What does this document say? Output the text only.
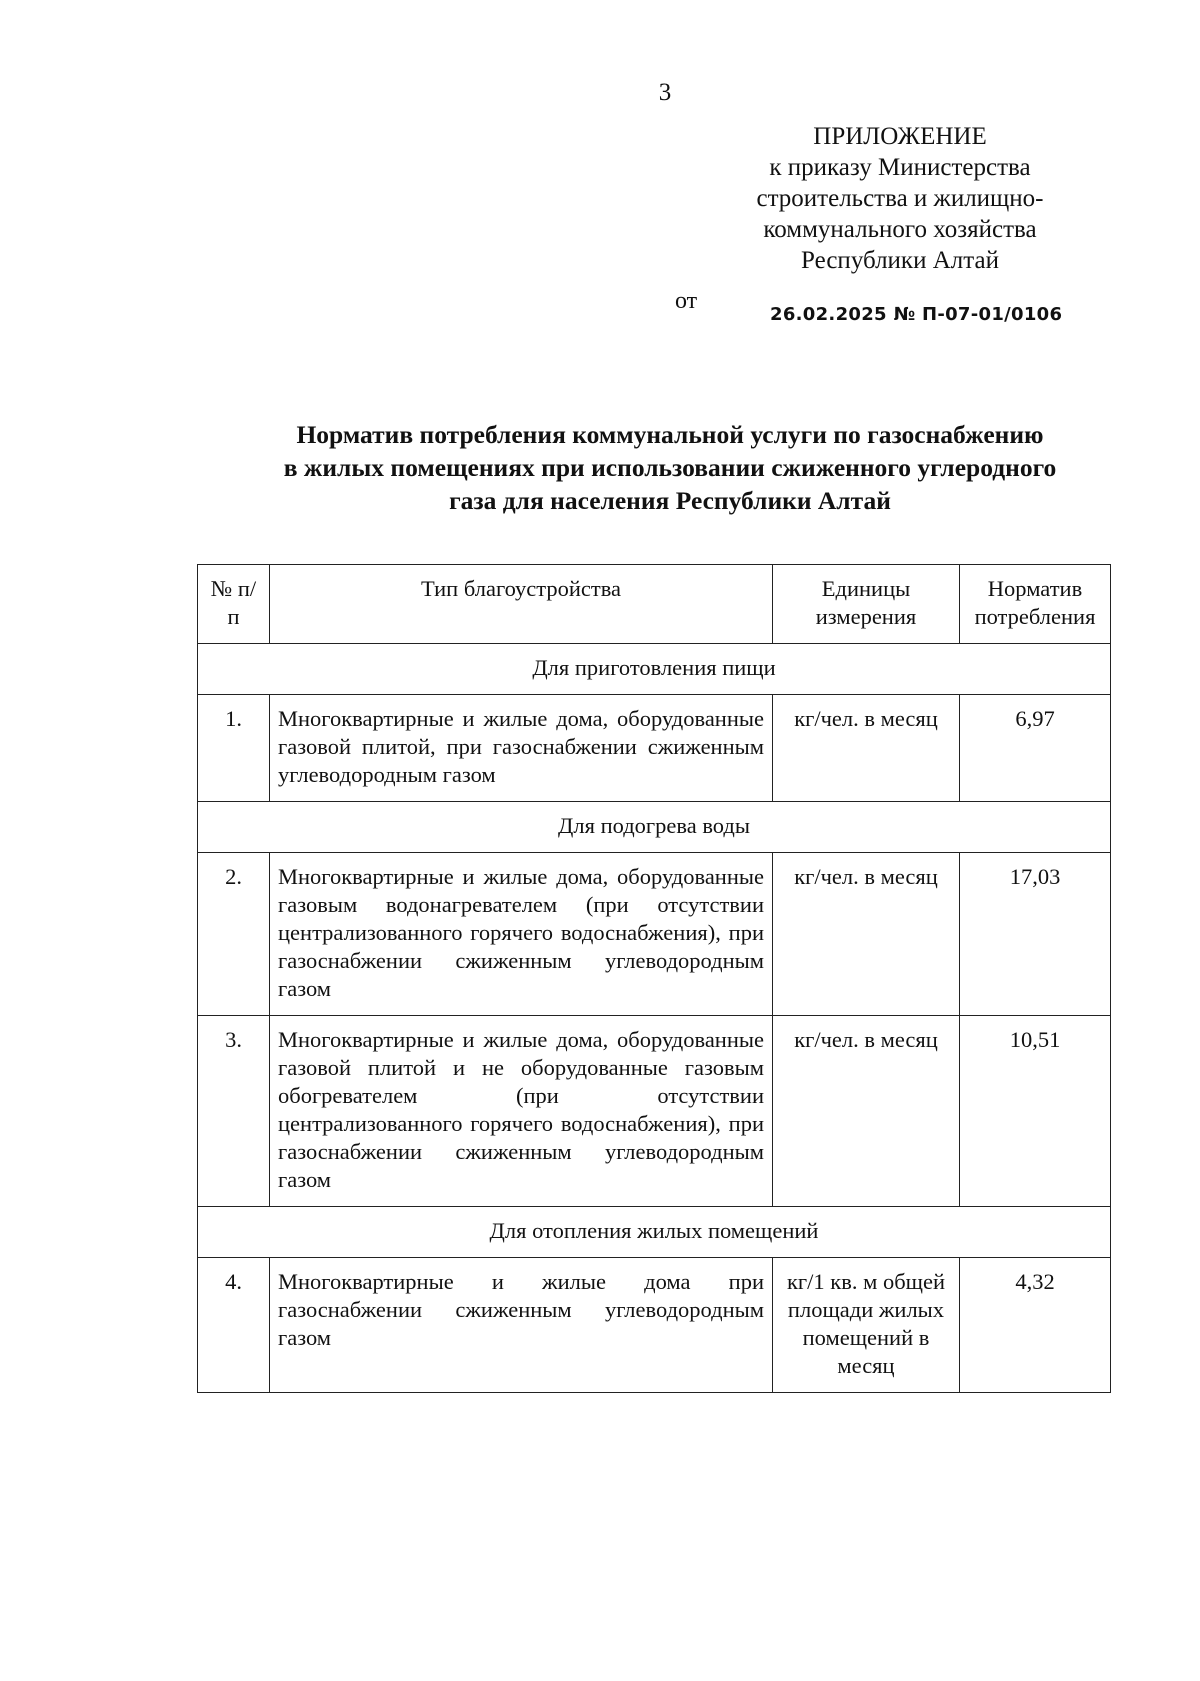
3
ПРИЛОЖЕНИЕ
к приказу Министерства
строительства и жилищно-
коммунального хозяйства
Республики Алтай
от
26.02.2025 № П-07-01/0106
Норматив потребления коммунальной услуги по газоснабжению
в жилых помещениях при использовании сжиженного углеродного
газа для населения Республики Алтай
№ п/п	Тип благоустройства	Единицы измерения	Норматив потребления
Для приготовления пищи			
1.	Многоквартирные и жилые дома, оборудованные газовой плитой, при газоснабжении сжиженным углеводородным газом	кг/чел. в месяц	6,97
Для подогрева воды			
2.	Многоквартирные и жилые дома, оборудованные газовым водонагревателем (при отсутствии централизованного горячего водоснабжения), при газоснабжении сжиженным углеводородным газом	кг/чел. в месяц	17,03
3.	Многоквартирные и жилые дома, оборудованные газовой плитой и не оборудованные газовым обогревателем (при отсутствии централизованного горячего водоснабжения), при газоснабжении сжиженным углеводородным газом	кг/чел. в месяц	10,51
Для отопления жилых помещений			
4.	Многоквартирные и жилые дома при газоснабжении сжиженным углеводородным газом	кг/1 кв. м общей площади жилых помещений в месяц	4,32
